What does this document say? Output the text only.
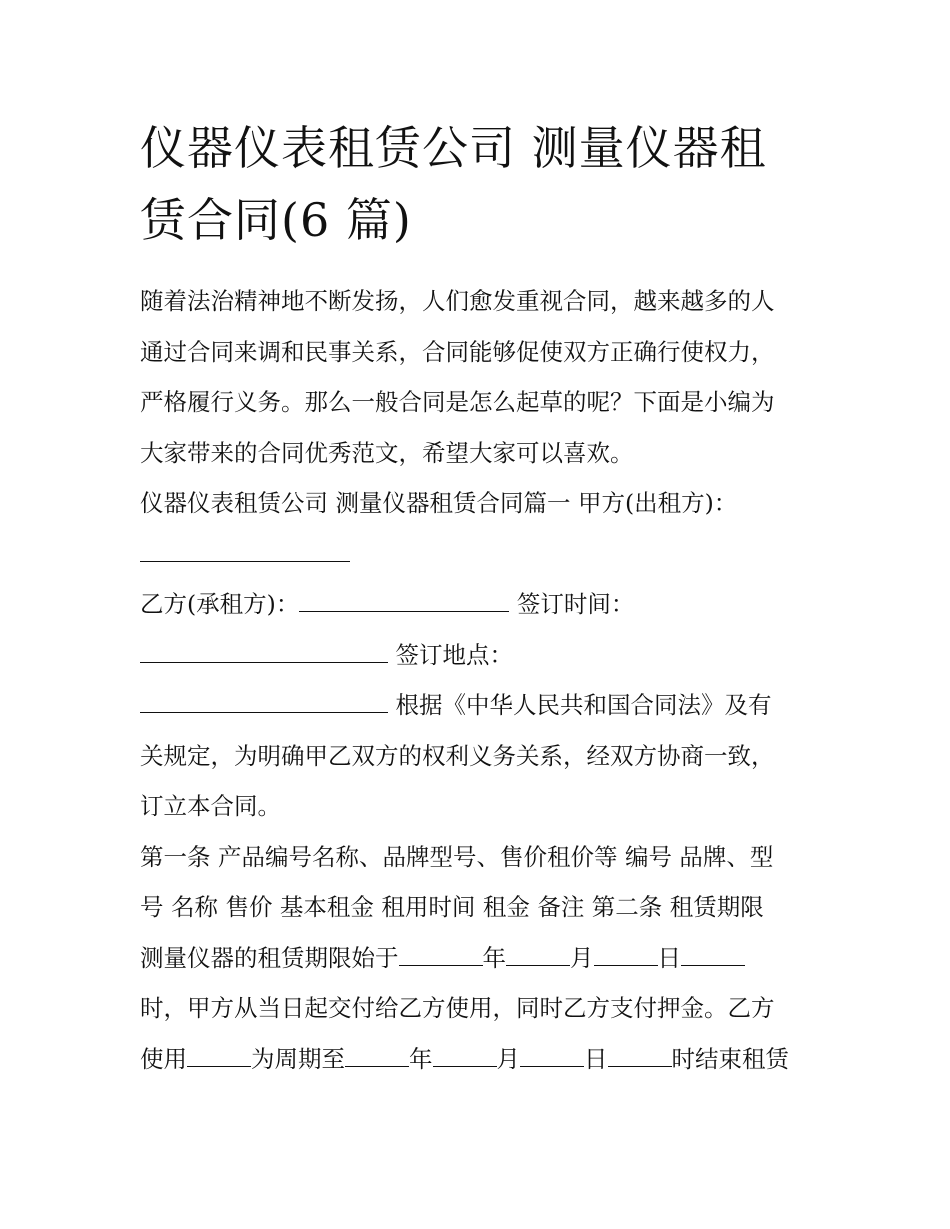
仪器仪表租赁公司 测量仪器租
赁合同(6 篇)
随着法治精神地不断发扬，人们愈发重视合同，越来越多的人
通过合同来调和民事关系，合同能够促使双方正确行使权力，
严格履行义务。那么一般合同是怎么起草的呢？下面是小编为
大家带来的合同优秀范文，希望大家可以喜欢。
仪器仪表租赁公司 测量仪器租赁合同篇一 甲方(出租方)：
乙方(承租方)：	签订时间：
签订地点：
根据《中华人民共和国合同法》及有
关规定，为明确甲乙双方的权利义务关系，经双方协商一致，
订立本合同。
第一条 产品编号名称、品牌型号、售价租价等 编号 品牌、型
号 名称 售价 基本租金 租用时间 租金 备注 第二条 租赁期限
测量仪器的租赁期限始于	年	月	日
时，甲方从当日起交付给乙方使用，同时乙方支付押金。乙方
使用	为周期至	年	月	日	时结束租赁
